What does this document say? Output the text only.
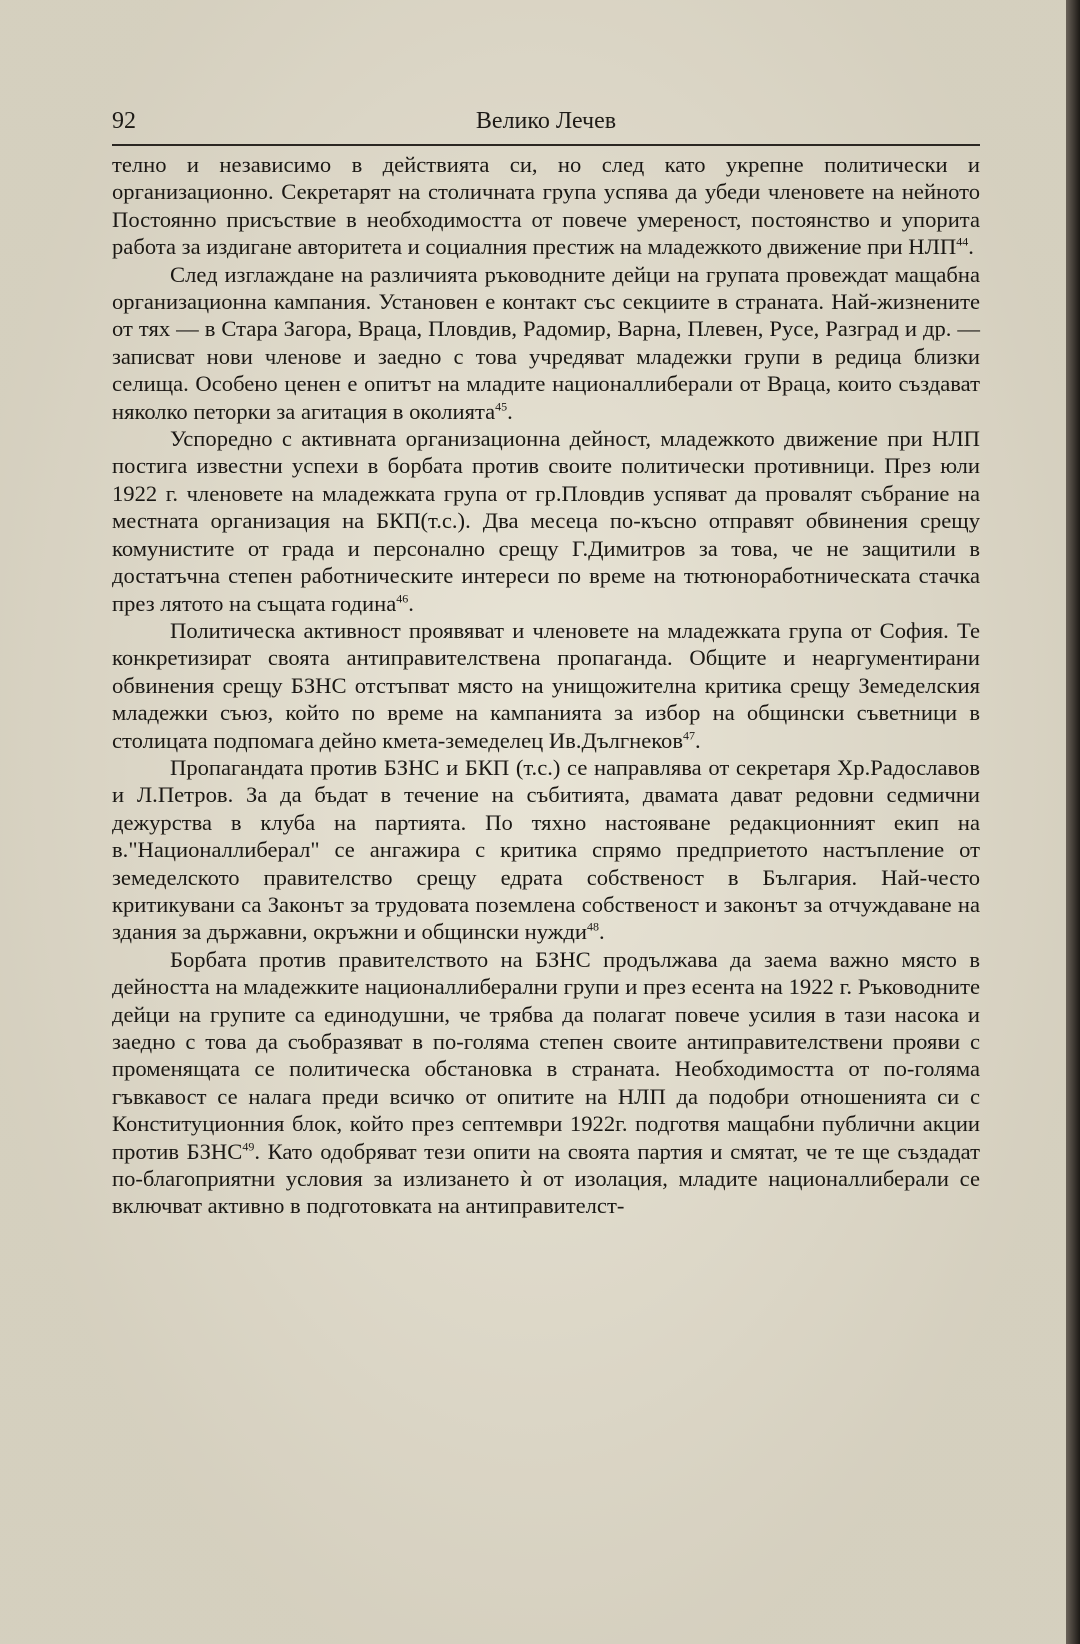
92	Велико Лечев

телно и независимо в действията си, но след като укрепне политически и организационно. Секретарят на столичната група успява да убеди членовете на нейното Постоянно присъствие в необходимостта от повече умереност, постоянство и упорита работа за издигане авторитета и социалния престиж на младежкото движение при НЛП$^{44}$.

След изглаждане на различията ръководните дейци на групата провеждат мащабна организационна кампания. Установен е контакт със секциите в страната. Най-жизнените от тях — в Стара Загора, Враца, Пловдив, Радомир, Варна, Плевен, Русе, Разград и др. — записват нови членове и заедно с това учредяват младежки групи в редица близки селища. Особено ценен е опитът на младите националлиберали от Враца, които създават няколко петорки за агитация в околията$^{45}$.

Успоредно с активната организационна дейност, младежкото движение при НЛП постига известни успехи в борбата против своите политически противници. През юли 1922 г. членовете на младежката група от гр.Пловдив успяват да провалят събрание на местната организация на БКП(т.с.). Два месеца по-късно отправят обвинения срещу комунистите от града и персонално срещу Г.Димитров за това, че не защитили в достатъчна степен работническите интереси по време на тютюноработническата стачка през лятото на същата година$^{46}$.

Политическа активност проявяват и членовете на младежката група от София. Те конкретизират своята антиправителствена пропаганда. Общите и неаргументирани обвинения срещу БЗНС отстъпват място на унищожителна критика срещу Земеделския младежки съюз, който по време на кампанията за избор на общински съветници в столицата подпомага дейно кмета-земеделец Ив.Дългнеков$^{47}$.

Пропагандата против БЗНС и БКП (т.с.) се направлява от секретаря Хр.Радославов и Л.Петров. За да бъдат в течение на събитията, двамата дават редовни седмични дежурства в клуба на партията. По тяхно настояване редакционният екип на в."Националлиберал" се ангажира с критика спрямо предприетото настъпление от земеделското правителство срещу едрата собственост в България. Най-често критикувани са Законът за трудовата поземлена собственост и законът за отчуждаване на здания за държавни, окръжни и общински нужди$^{48}$.

Борбата против правителството на БЗНС продължава да заема важно място в дейността на младежките националлиберални групи и през есента на 1922 г. Ръководните дейци на групите са единодушни, че трябва да полагат повече усилия в тази насока и заедно с това да съобразяват в по-голяма степен своите антиправителствени прояви с променящата се политическа обстановка в страната. Необходимостта от по-голяма гъвкавост се налага преди всичко от опитите на НЛП да подобри отношенията си с Конституционния блок, който през септември 1922г. подготвя мащабни публични акции против БЗНС$^{49}$. Като одобряват тези опити на своята партия и смятат, че те ще създадат по-благоприятни условия за излизането ѝ от изолация, младите националлиберали се включват активно в подготовката на антиправителст-
